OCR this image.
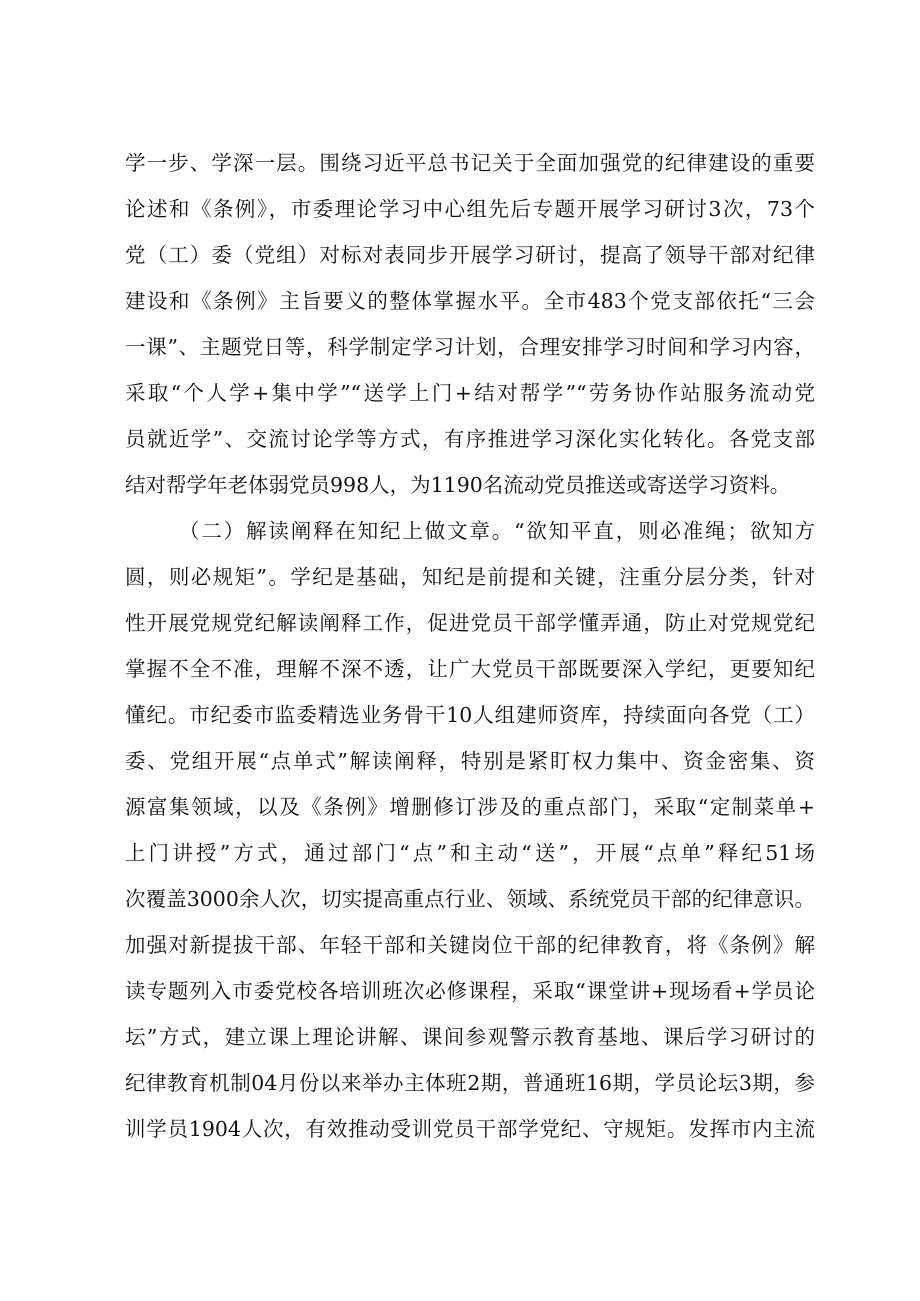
学一步、学深一层。围绕习近平总书记关于全面加强党的纪律建设的重要
论述和《条例》，市委理论学习中心组先后专题开展学习研讨3次，73个
党（工）委（党组）对标对表同步开展学习研讨，提高了领导干部对纪律
建设和《条例》主旨要义的整体掌握水平。全市483个党支部依托“三会
一课”、主题党日等，科学制定学习计划，合理安排学习时间和学习内容，
采取“个人学+集中学”“送学上门+结对帮学”“劳务协作站服务流动党
员就近学”、交流讨论学等方式，有序推进学习深化实化转化。各党支部
结对帮学年老体弱党员998人，为1190名流动党员推送或寄送学习资料。
（二）解读阐释在知纪上做文章。“欲知平直，则必准绳；欲知方
圆，则必规矩”。学纪是基础，知纪是前提和关键，注重分层分类，针对
性开展党规党纪解读阐释工作，促进党员干部学懂弄通，防止对党规党纪
掌握不全不准，理解不深不透，让广大党员干部既要深入学纪，更要知纪
懂纪。市纪委市监委精选业务骨干10人组建师资库，持续面向各党（工）
委、党组开展“点单式”解读阐释，特别是紧盯权力集中、资金密集、资
源富集领域，以及《条例》增删修订涉及的重点部门，采取“定制菜单+
上门讲授”方式，通过部门“点”和主动“送”，开展“点单”释纪51场
次覆盖3000余人次，切实提高重点行业、领域、系统党员干部的纪律意识。
加强对新提拔干部、年轻干部和关键岗位干部的纪律教育，将《条例》解
读专题列入市委党校各培训班次必修课程，采取“课堂讲+现场看+学员论
坛”方式，建立课上理论讲解、课间参观警示教育基地、课后学习研讨的
纪律教育机制04月份以来举办主体班2期，普通班16期，学员论坛3期，参
训学员1904人次，有效推动受训党员干部学党纪、守规矩。发挥市内主流
